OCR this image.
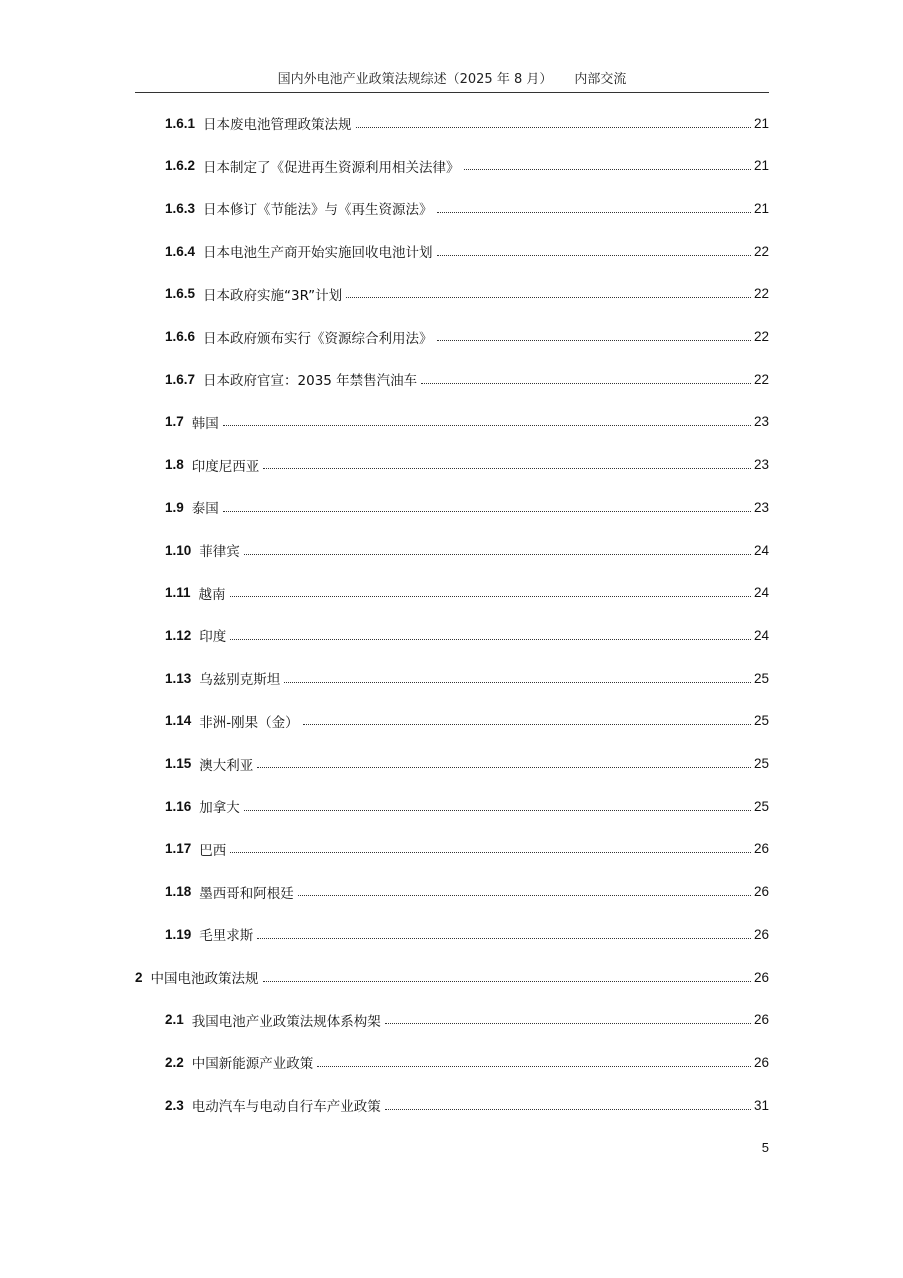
国内外电池产业政策法规综述（2025 年 8 月） 内部交流
1.6.1 日本废电池管理政策法规	21
1.6.2 日本制定了《促进再生资源利用相关法律》	21
1.6.3 日本修订《节能法》与《再生资源法》	21
1.6.4 日本电池生产商开始实施回收电池计划	22
1.6.5 日本政府实施“3R”计划	22
1.6.6 日本政府颁布实行《资源综合利用法》	22
1.6.7 日本政府官宣：2035 年禁售汽油车	22
1.7 韩国	23
1.8 印度尼西亚	23
1.9 泰国	23
1.10 菲律宾	24
1.11 越南	24
1.12 印度	24
1.13 乌兹别克斯坦	25
1.14 非洲-刚果（金）	25
1.15 澳大利亚	25
1.16 加拿大	25
1.17 巴西	26
1.18 墨西哥和阿根廷	26
1.19 毛里求斯	26
2 中国电池政策法规	26
2.1 我国电池产业政策法规体系构架	26
2.2 中国新能源产业政策	26
2.3 电动汽车与电动自行车产业政策	31
5
